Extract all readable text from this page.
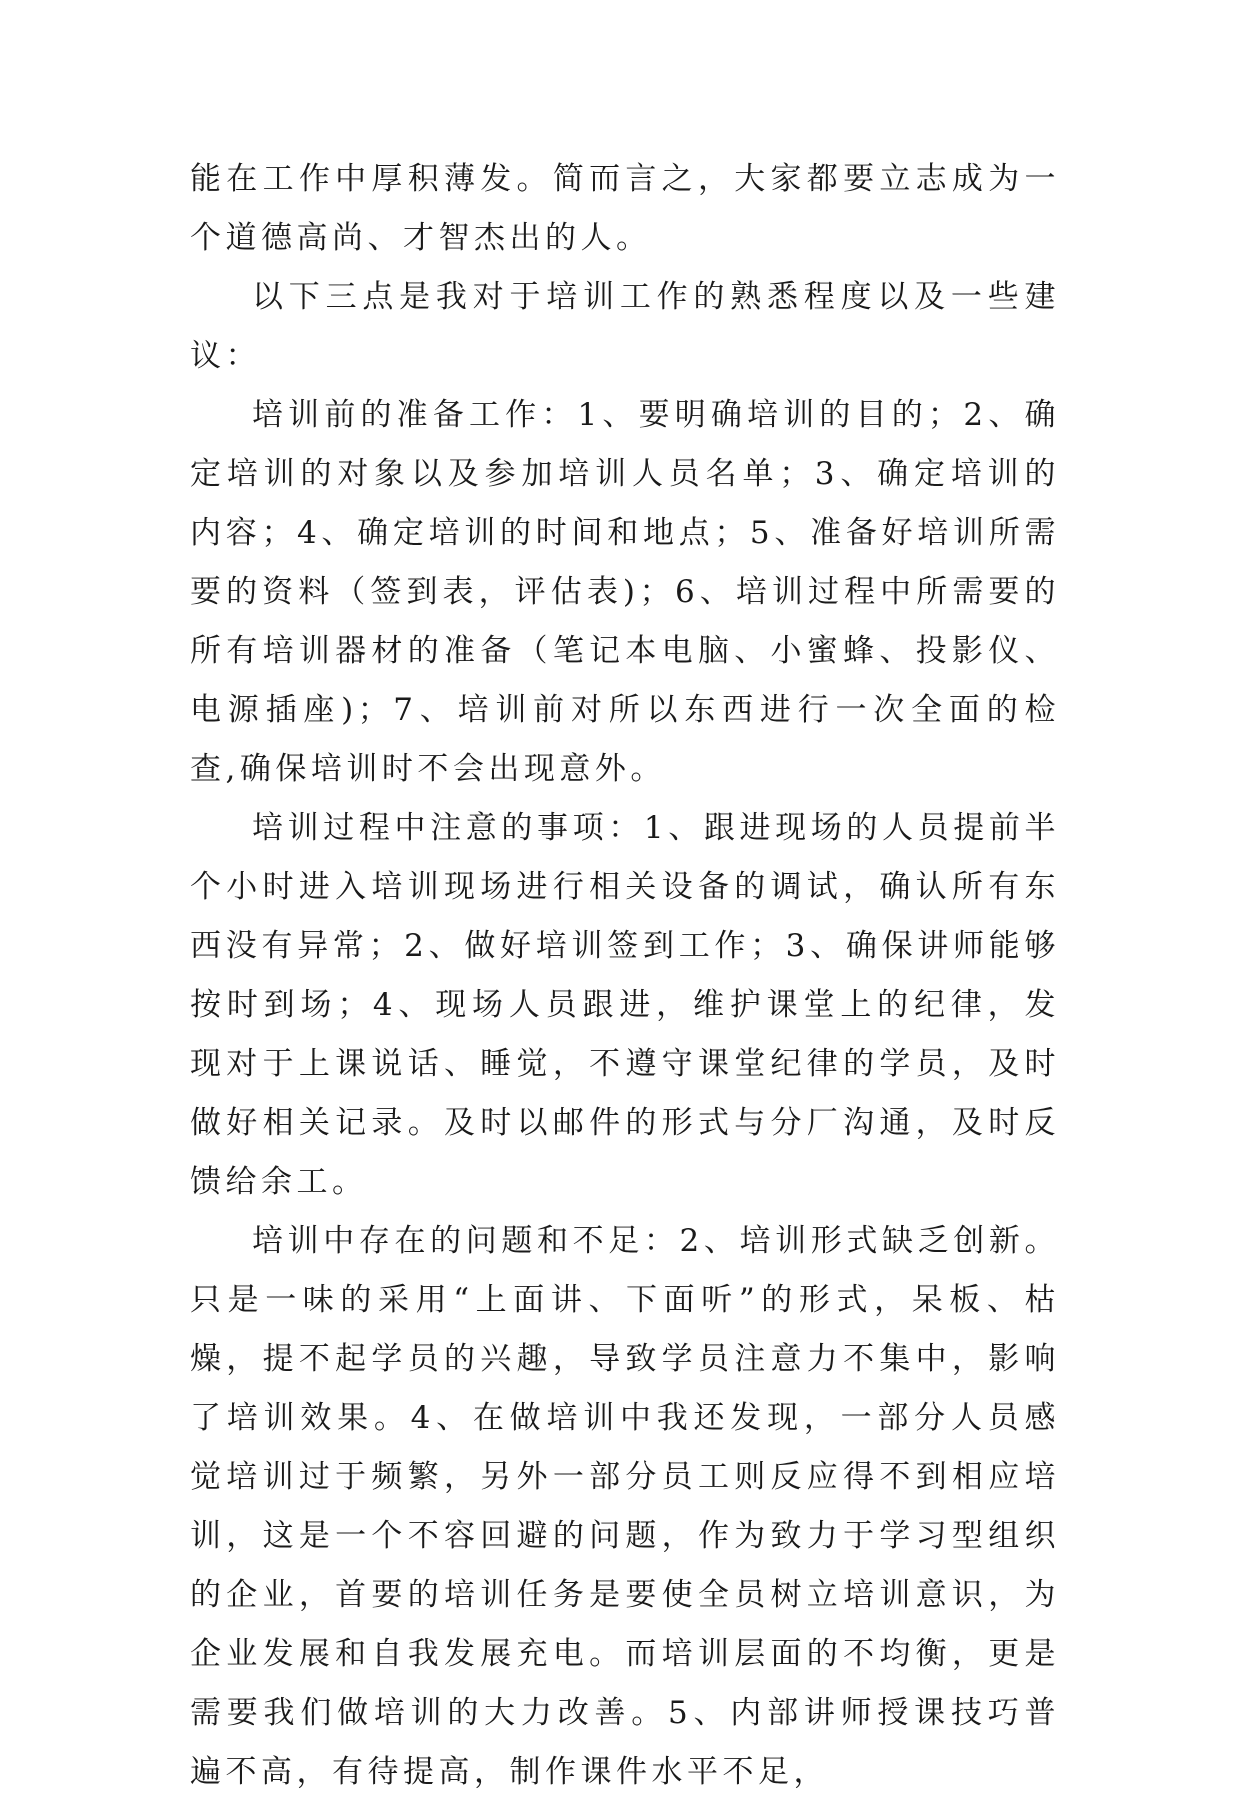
能在工作中厚积薄发。简而言之，大家都要立志成为一个道德高尚、才智杰出的人。

以下三点是我对于培训工作的熟悉程度以及一些建议：

培训前的准备工作：1、要明确培训的目的；2、确定培训的对象以及参加培训人员名单；3、确定培训的内容；4、确定培训的时间和地点；5、准备好培训所需要的资料（签到表，评估表)；6、培训过程中所需要的所有培训器材的准备（笔记本电脑、小蜜蜂、投影仪、电源插座)；7、培训前对所以东西进行一次全面的检查,确保培训时不会出现意外。

培训过程中注意的事项：1、跟进现场的人员提前半个小时进入培训现场进行相关设备的调试，确认所有东西没有异常；2、做好培训签到工作；3、确保讲师能够按时到场；4、现场人员跟进，维护课堂上的纪律，发现对于上课说话、睡觉，不遵守课堂纪律的学员，及时做好相关记录。及时以邮件的形式与分厂沟通，及时反馈给余工。

培训中存在的问题和不足：2、培训形式缺乏创新。只是一味的采用“上面讲、下面听”的形式，呆板、枯燥，提不起学员的兴趣，导致学员注意力不集中，影响了培训效果。4、在做培训中我还发现，一部分人员感觉培训过于频繁，另外一部分员工则反应得不到相应培训，这是一个不容回避的问题，作为致力于学习型组织的企业，首要的培训任务是要使全员树立培训意识，为企业发展和自我发展充电。而培训层面的不均衡，更是需要我们做培训的大力改善。5、内部讲师授课技巧普遍不高，有待提高，制作课件水平不足，
